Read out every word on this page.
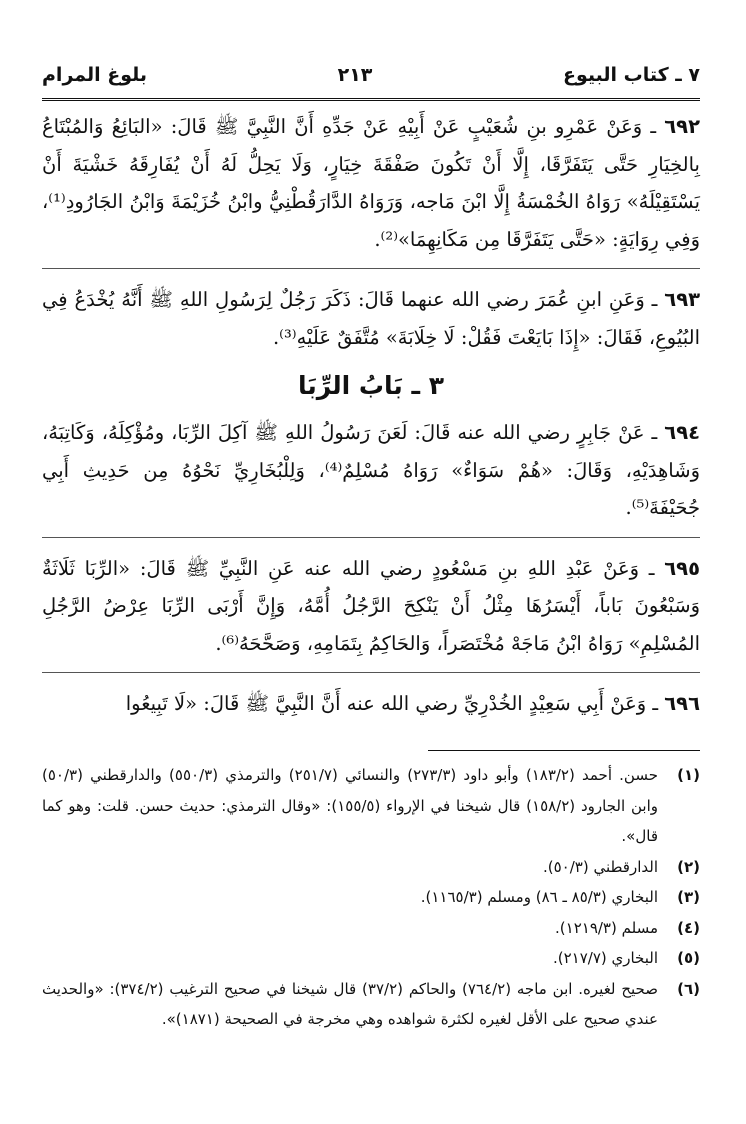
٧ ـ كتاب البيوع
٢١٣
بلوغ المرام

٦٩٢ ـ وَعَنْ عَمْرِو بنِ شُعَيْبٍ عَنْ أَبِيْهِ عَنْ جَدِّهِ أَنَّ النَّبِيَّ ﷺ قَالَ: «البَائِعُ وَالمُبْتَاعُ بِالخِيَارِ حَتَّى يَتَفَرَّقَا، إِلَّا أَنْ تَكُونَ صَفْقَةَ خِيَارٍ، وَلَا يَحِلُّ لَهُ أَنْ يُفَارِقَهُ خَشْيَةَ أَنْ يَسْتَقِيْلَهُ» رَوَاهُ الخُمْسَةُ إِلَّا ابْنَ مَاجه، وَرَوَاهُ الدَّارَقُطْنِيُّ وابْنُ خُزَيْمَةَ وَابْنُ الجَارُودِ⁽¹⁾، وَفِي رِوَايَةٍ: «حَتَّى يَتَفَرَّقَا مِن مَكَانِهِمَا»⁽²⁾.

٦٩٣ ـ وَعَنِ ابنِ عُمَرَ رضي الله عنهما قَالَ: ذَكَرَ رَجُلٌ لِرَسُولِ اللهِ ﷺ أَنَّهُ يُخْدَعُ فِي البُيُوعِ، فَقَالَ: «إِذَا بَايَعْتَ فَقُلْ: لَا خِلَابَةَ» مُتَّفَقٌ عَلَيْهِ⁽³⁾.

٣ ـ بَابُ الرِّبَا

٦٩٤ ـ عَنْ جَابِرٍ رضي الله عنه قَالَ: لَعَنَ رَسُولُ اللهِ ﷺ آكِلَ الرِّبَا، ومُؤْكِلَهُ، وَكَاتِبَهُ، وَشَاهِدَيْهِ، وَقَالَ: «هُمْ سَوَاءٌ» رَوَاهُ مُسْلِمٌ⁽⁴⁾، وَلِلْبُخَارِيِّ نَحْوُهُ مِن حَدِيثِ أَبِي جُحَيْفَةَ⁽⁵⁾.

٦٩٥ ـ وَعَنْ عَبْدِ اللهِ بنِ مَسْعُودٍ رضي الله عنه عَنِ النَّبِيِّ ﷺ قَالَ: «الرِّبَا ثَلَاثَةٌ وَسَبْعُونَ بَاباً، أَيْسَرُهَا مِثْلُ أَنْ يَنْكِحَ الرَّجُلُ أُمَّهُ، وَإِنَّ أَرْبَى الرِّبَا عِرْضُ الرَّجُلِ المُسْلِمِ» رَوَاهُ ابْنُ مَاجَهْ مُخْتَصَراً، وَالحَاكِمُ بِتَمَامِهِ، وَصَحَّحَهُ⁽⁶⁾.

٦٩٦ ـ وَعَنْ أَبِي سَعِيْدٍ الخُدْرِيِّ رضي الله عنه أَنَّ النَّبِيَّ ﷺ قَالَ: «لَا تَبِيعُوا

(١)
حسن. أحمد (١٨٣/٢) وأبو داود (٢٧٣/٣) والنسائي (٢٥١/٧) والترمذي (٥٥٠/٣) والدارقطني (٥٠/٣) وابن الجارود (١٥٨/٢) قال شيخنا في الإرواء (١٥٥/٥): «وقال الترمذي: حديث حسن. قلت: وهو كما قال».
(٢)
الدارقطني (٥٠/٣).
(٣)
البخاري (٨٥/٣ ـ ٨٦) ومسلم (١١٦٥/٣).
(٤)
مسلم (١٢١٩/٣).
(٥)
البخاري (٢١٧/٧).
(٦)
صحيح لغيره. ابن ماجه (٧٦٤/٢) والحاكم (٣٧/٢) قال شيخنا في صحيح الترغيب (٣٧٤/٢): «والحديث عندي صحيح على الأقل لغيره لكثرة شواهده وهي مخرجة في الصحيحة (١٨٧١)».
